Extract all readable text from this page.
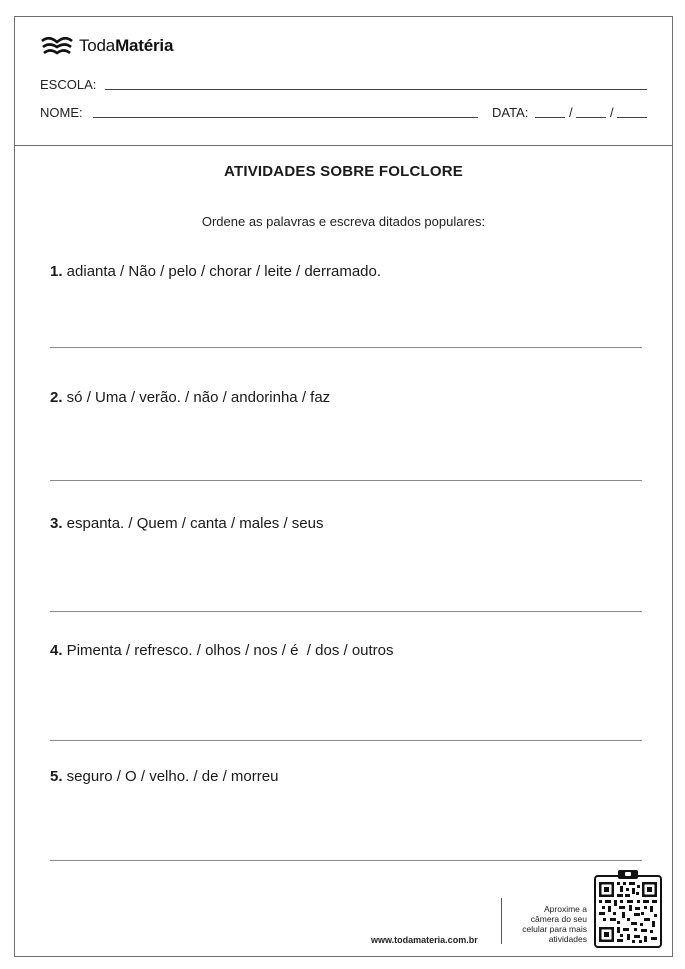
TodaMatéria
ESCOLA:
NOME:	DATA:	/	/
ATIVIDADES SOBRE FOLCLORE
Ordene as palavras e escreva ditados populares:
1. adianta / Não / pelo / chorar / leite / derramado.
2. só / Uma / verão. / não / andorinha / faz
3. espanta. / Quem / canta / males / seus
4. Pimenta / refresco. / olhos / nos / é  / dos / outros
5. seguro / O / velho. / de / morreu
www.todamateria.com.br
Aproxime a
câmera do seu
celular para mais
atividades
